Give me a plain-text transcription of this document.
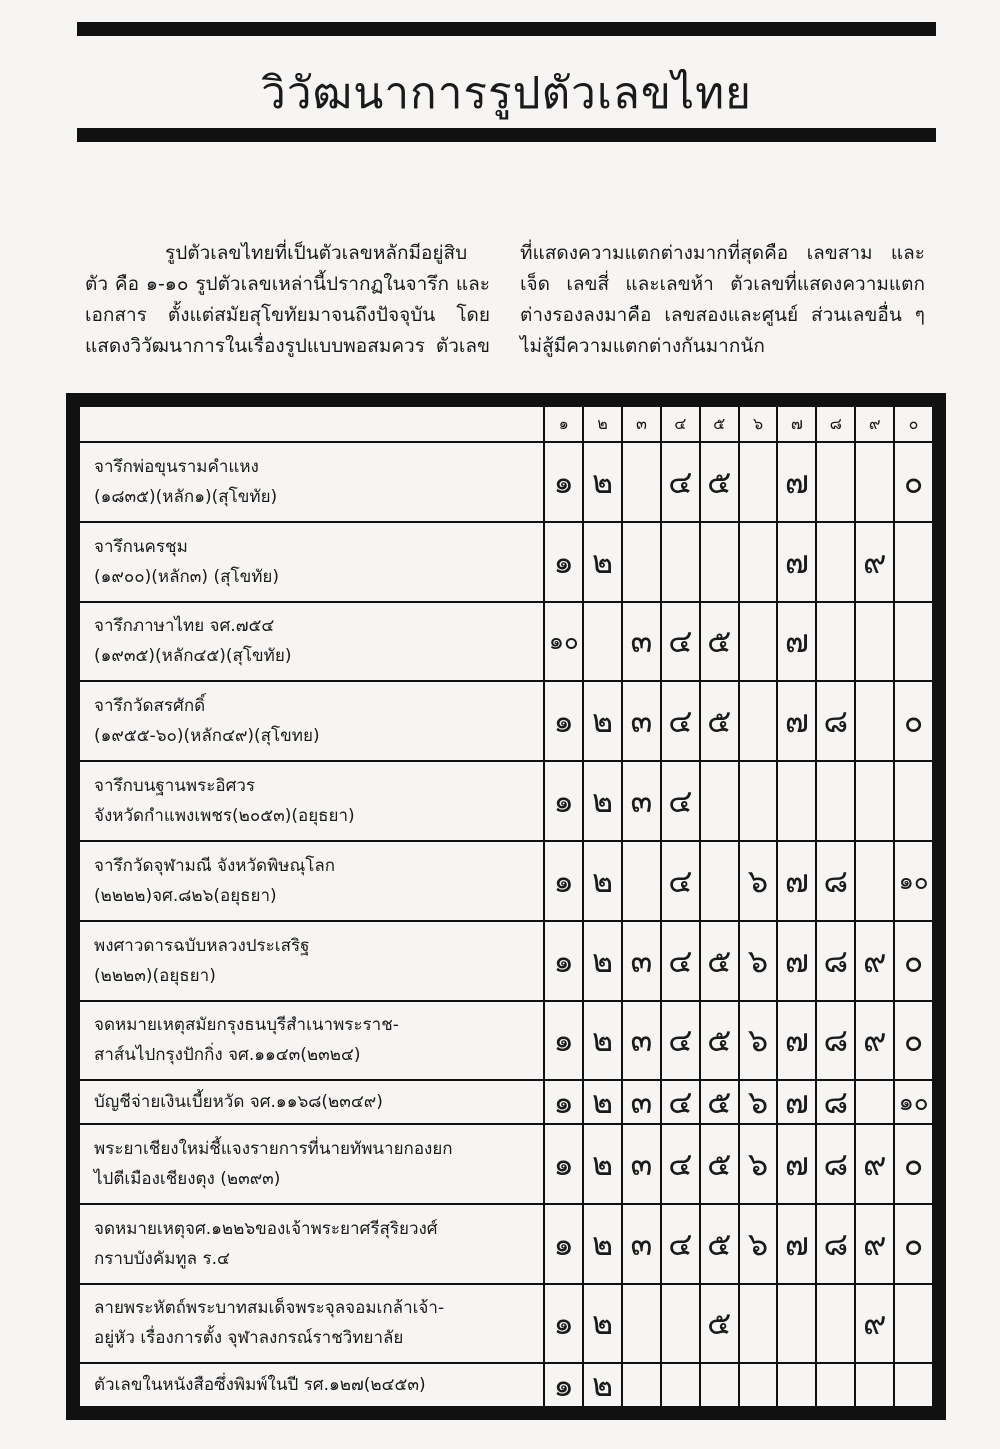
วิวัฒนาการรูปตัวเลขไทย

รูปตัวเลขไทยที่เป็นตัวเลขหลักมีอยู่สิบตัว คือ ๑-๑๐ รูปตัวเลขเหล่านี้ปรากฏในจารึก และเอกสาร ตั้งแต่สมัยสุโขทัยมาจนถึงปัจจุบัน โดยแสดงวิวัฒนาการในเรื่องรูปแบบพอสมควร ตัวเลขที่แสดงความแตกต่างมากที่สุดคือ เลขสาม และเจ็ด เลขสี่ และเลขห้า ตัวเลขที่แสดงความแตกต่างรองลงมาคือ เลขสองและศูนย์ ส่วนเลขอื่น ๆ ไม่สู้มีความแตกต่างกันมากนัก

	๑	๒	๓	๔	๕	๖	๗	๘	๙	๐

จารึกพ่อขุนรามคำแหง
(๑๘๓๕)(หลัก๑)(สุโขทัย)	๑	๒		๔	๕		๗			๐

จารึกนครชุม
(๑๙๐๐)(หลัก๓) (สุโขทัย)	๑	๒					๗		๙	

จารึกภาษาไทย จศ.๗๕๔
(๑๙๓๕)(หลัก๔๕)(สุโขทัย)	๑๐		๓	๔	๕		๗			

จารึกวัดสรศักดิ์
(๑๙๕๕-๖๐)(หลัก๔๙)(สุโขทย)	๑	๒	๓	๔	๕		๗	๘		๐

จารึกบนฐานพระอิศวร
จังหวัดกำแพงเพชร(๒๐๕๓)(อยุธยา)	๑	๒	๓	๔						

จารึกวัดจุฬามณี จังหวัดพิษณุโลก
(๒๒๒๒)จศ.๘๒๖(อยุธยา)	๑	๒		๔		๖	๗	๘		๑๐

พงศาวดารฉบับหลวงประเสริฐ
(๒๒๒๓)(อยุธยา)	๑	๒	๓	๔	๕	๖	๗	๘	๙	๐

จดหมายเหตุสมัยกรุงธนบุรีสำเนาพระราช-
สาส์นไปกรุงปักกิ่ง จศ.๑๑๔๓(๒๓๒๔)	๑	๒	๓	๔	๕	๖	๗	๘	๙	๐

บัญชีจ่ายเงินเบี้ยหวัด จศ.๑๑๖๘(๒๓๔๙)	๑	๒	๓	๔	๕	๖	๗	๘		๑๐

พระยาเชียงใหม่ชี้แจงรายการที่นายทัพนายกองยก
ไปตีเมืองเชียงตุง (๒๓๙๓)	๑	๒	๓	๔	๕	๖	๗	๘	๙	๐

จดหมายเหตุจศ.๑๒๒๖ของเจ้าพระยาศรีสุริยวงศ์
กราบบังคัมทูล ร.๔	๑	๒	๓	๔	๕	๖	๗	๘	๙	๐

ลายพระหัตถ์พระบาทสมเด็จพระจุลจอมเกล้าเจ้า-
อยู่หัว เรื่องการตั้ง จุฬาลงกรณ์ราชวิทยาลัย	๑	๒			๕				๙	

ตัวเลขในหนังสือซึ่งพิมพ์ในปี รศ.๑๒๗(๒๔๕๓)	๑	๒								
